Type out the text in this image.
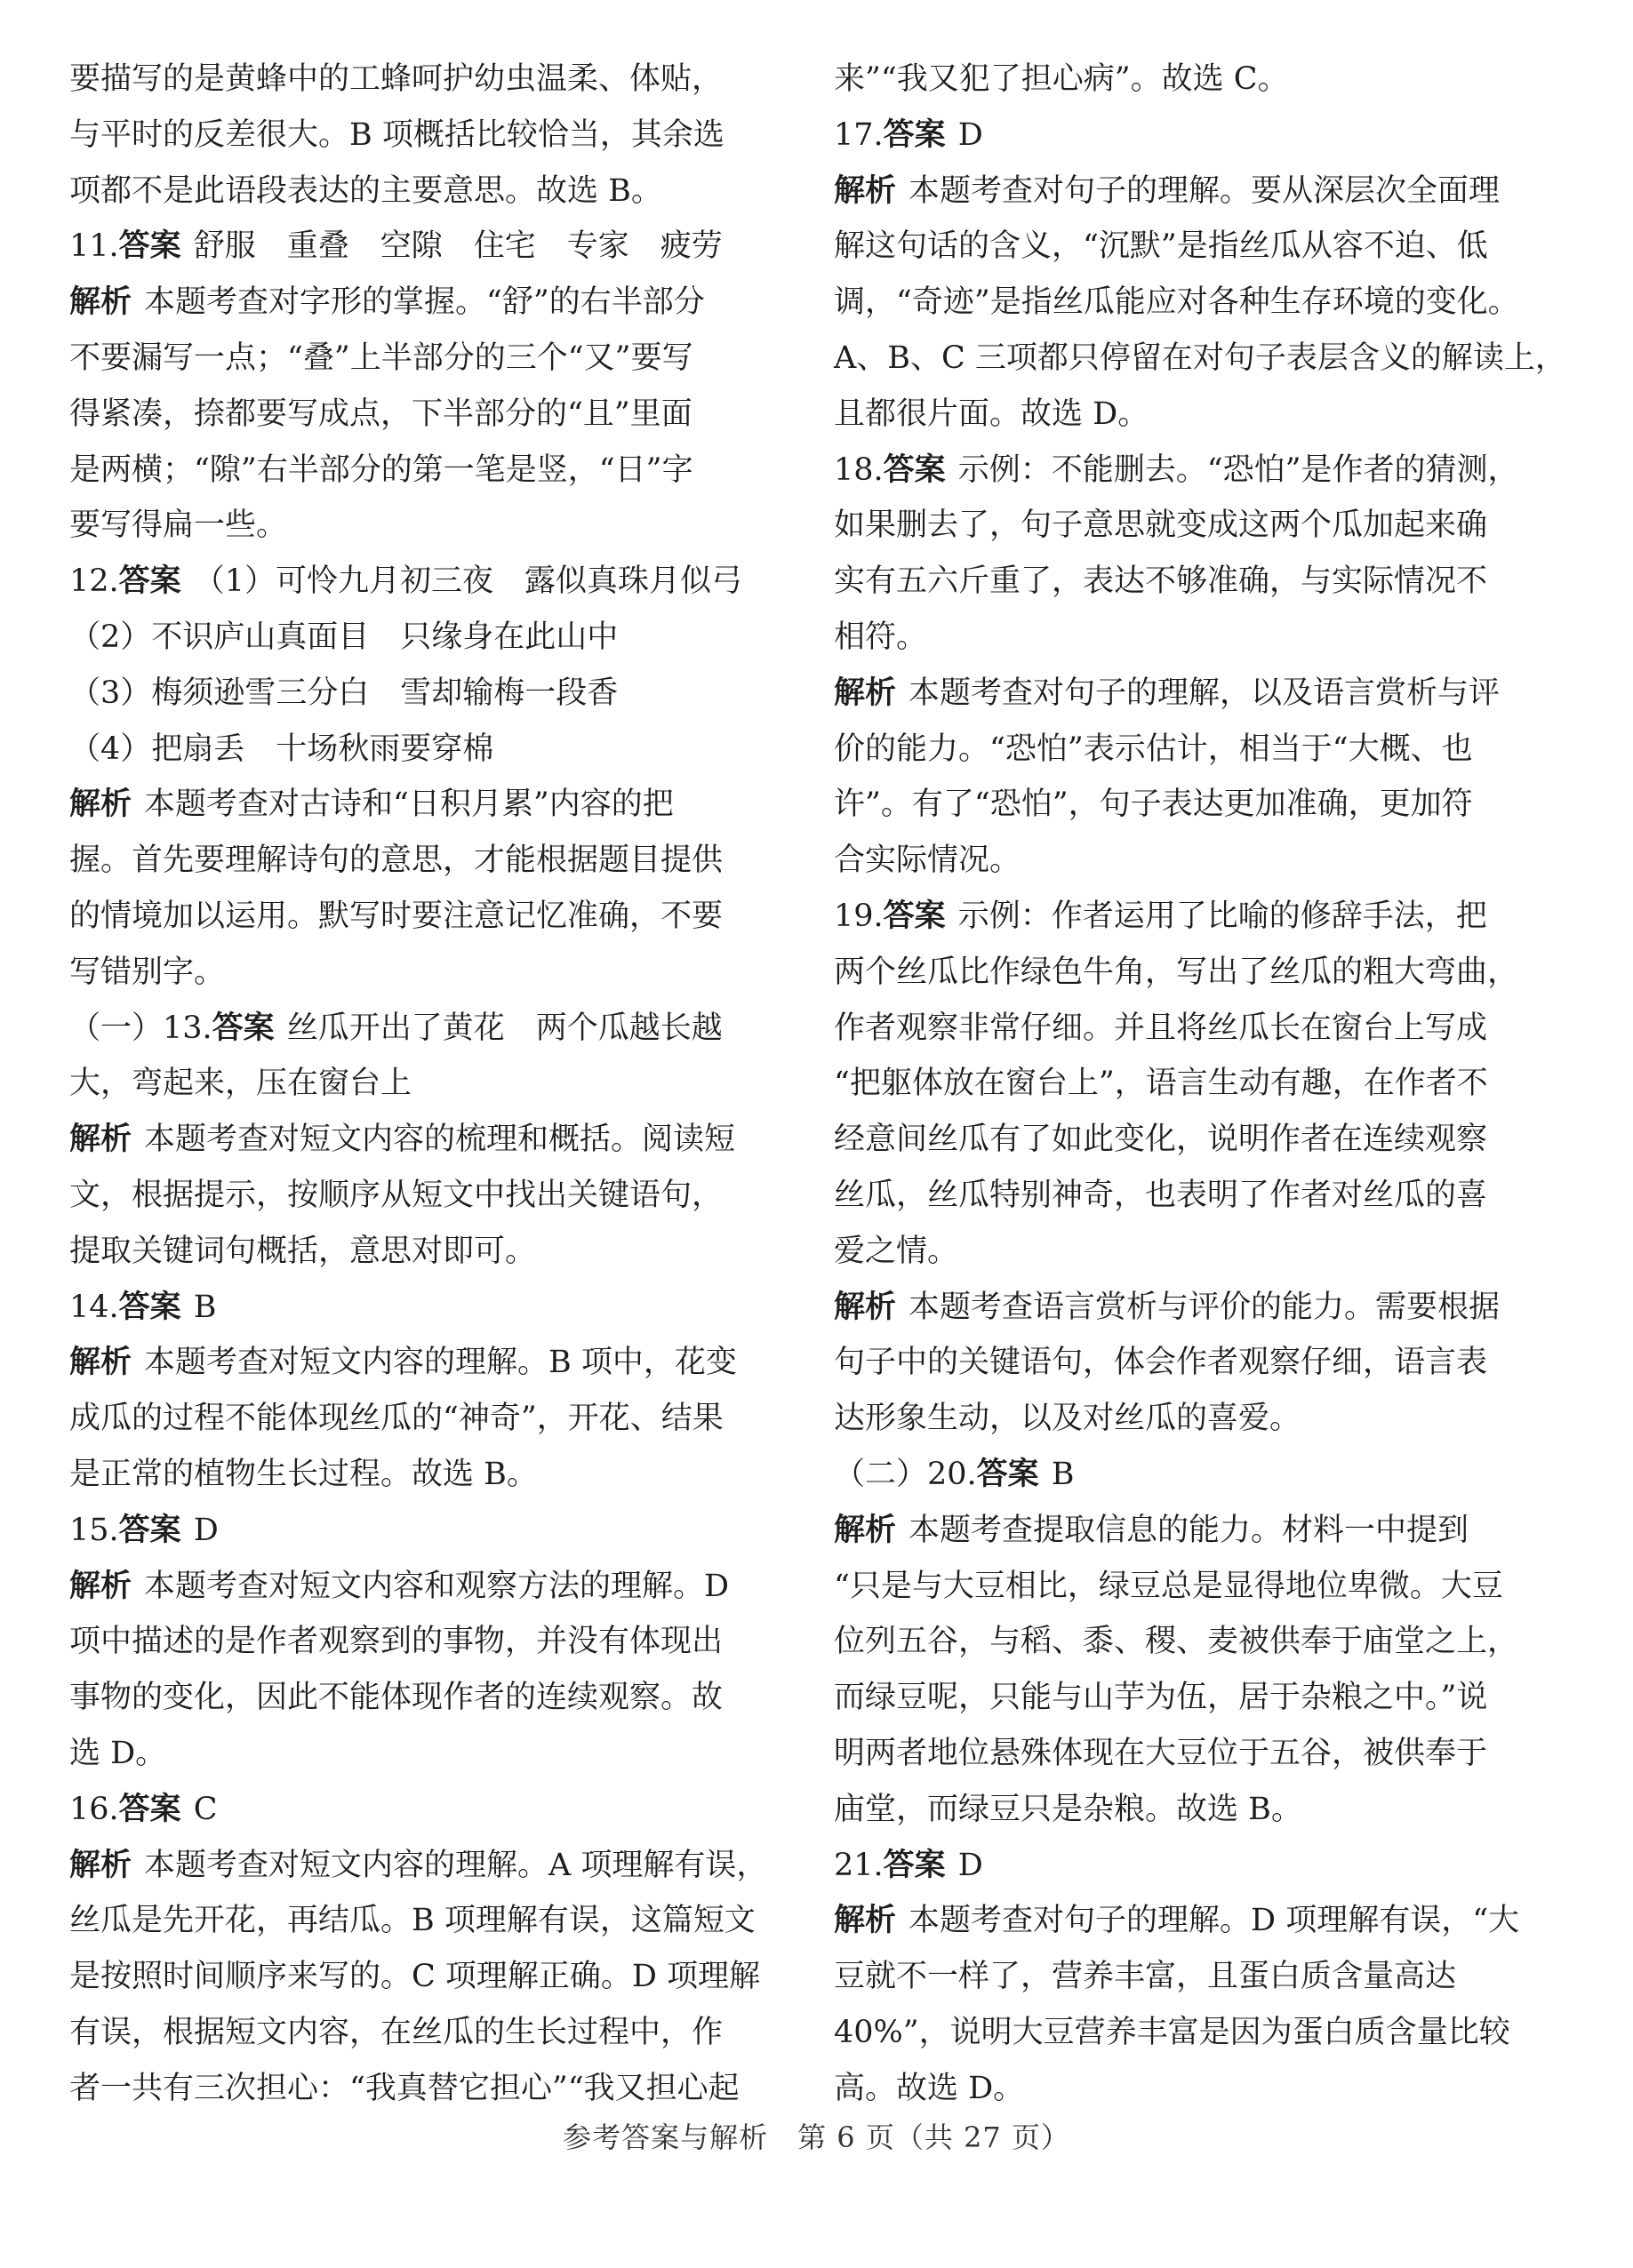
要描写的是黄蜂中的工蜂呵护幼虫温柔、体贴，
与平时的反差很大。B 项概括比较恰当，其余选
项都不是此语段表达的主要意思。故选 B。
11.答案 舒服　重叠　空隙　住宅　专家　疲劳
解析 本题考查对字形的掌握。“舒”的右半部分
不要漏写一点；“叠”上半部分的三个“又”要写
得紧凑，捺都要写成点，下半部分的“且”里面
是两横；“隙”右半部分的第一笔是竖，“日”字
要写得扁一些。
12.答案 （1）可怜九月初三夜　露似真珠月似弓
（2）不识庐山真面目　只缘身在此山中
（3）梅须逊雪三分白　雪却输梅一段香
（4）把扇丢　十场秋雨要穿棉
解析 本题考查对古诗和“日积月累”内容的把
握。首先要理解诗句的意思，才能根据题目提供
的情境加以运用。默写时要注意记忆准确，不要
写错别字。
（一）13.答案 丝瓜开出了黄花　两个瓜越长越
大，弯起来，压在窗台上
解析 本题考查对短文内容的梳理和概括。阅读短
文，根据提示，按顺序从短文中找出关键语句，
提取关键词句概括，意思对即可。
14.答案 B
解析 本题考查对短文内容的理解。B 项中，花变
成瓜的过程不能体现丝瓜的“神奇”，开花、结果
是正常的植物生长过程。故选 B。
15.答案 D
解析 本题考查对短文内容和观察方法的理解。D
项中描述的是作者观察到的事物，并没有体现出
事物的变化，因此不能体现作者的连续观察。故
选 D。
16.答案 C
解析 本题考查对短文内容的理解。A 项理解有误，
丝瓜是先开花，再结瓜。B 项理解有误，这篇短文
是按照时间顺序来写的。C 项理解正确。D 项理解
有误，根据短文内容，在丝瓜的生长过程中，作
者一共有三次担心：“我真替它担心”“我又担心起
来”“我又犯了担心病”。故选 C。
17.答案 D
解析 本题考查对句子的理解。要从深层次全面理
解这句话的含义，“沉默”是指丝瓜从容不迫、低
调，“奇迹”是指丝瓜能应对各种生存环境的变化。
A、B、C 三项都只停留在对句子表层含义的解读上，
且都很片面。故选 D。
18.答案 示例：不能删去。“恐怕”是作者的猜测，
如果删去了，句子意思就变成这两个瓜加起来确
实有五六斤重了，表达不够准确，与实际情况不
相符。
解析 本题考查对句子的理解，以及语言赏析与评
价的能力。“恐怕”表示估计，相当于“大概、也
许”。有了“恐怕”，句子表达更加准确，更加符
合实际情况。
19.答案 示例：作者运用了比喻的修辞手法，把
两个丝瓜比作绿色牛角，写出了丝瓜的粗大弯曲，
作者观察非常仔细。并且将丝瓜长在窗台上写成
“把躯体放在窗台上”，语言生动有趣，在作者不
经意间丝瓜有了如此变化，说明作者在连续观察
丝瓜，丝瓜特别神奇，也表明了作者对丝瓜的喜
爱之情。
解析 本题考查语言赏析与评价的能力。需要根据
句子中的关键语句，体会作者观察仔细，语言表
达形象生动，以及对丝瓜的喜爱。
（二）20.答案 B
解析 本题考查提取信息的能力。材料一中提到
“只是与大豆相比，绿豆总是显得地位卑微。大豆
位列五谷，与稻、黍、稷、麦被供奉于庙堂之上，
而绿豆呢，只能与山芋为伍，居于杂粮之中。”说
明两者地位悬殊体现在大豆位于五谷，被供奉于
庙堂，而绿豆只是杂粮。故选 B。
21.答案 D
解析 本题考查对句子的理解。D 项理解有误，“大
豆就不一样了，营养丰富，且蛋白质含量高达
40%”，说明大豆营养丰富是因为蛋白质含量比较
高。故选 D。
参考答案与解析　第 6 页（共 27 页）
